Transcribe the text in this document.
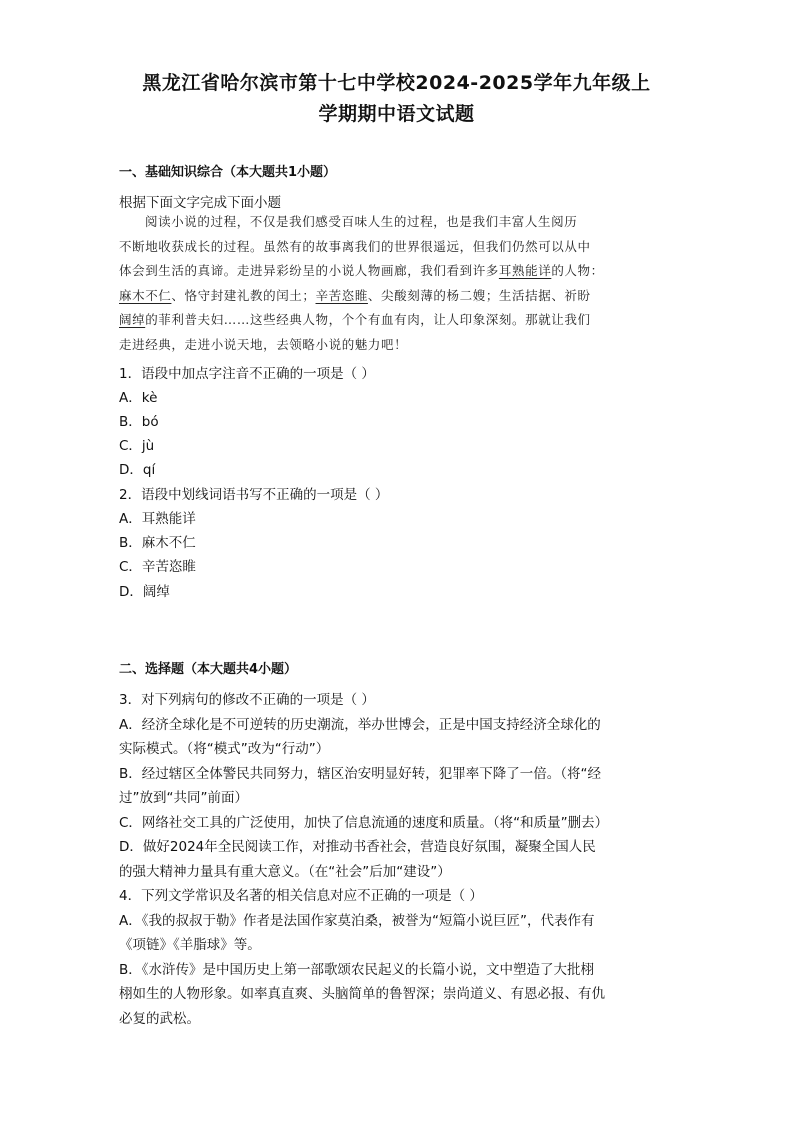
黑龙江省哈尔滨市第十七中学校2024-2025学年九年级上
学期期中语文试题
一、基础知识综合（本大题共1小题）
根据下面文字完成下面小题
阅读小说的过程，不仅是我们感受百味人生的过程，也是我们丰富人生阅历
不断地收获成长的过程。虽然有的故事离我们的世界很遥远，但我们仍然可以从中
体会到生活的真谛。走进异彩纷呈的小说人物画廊，我们看到许多耳熟能详的人物：
麻木不仁、恪守封建礼教的闰土；辛苦恣睢、尖酸刻薄的杨二嫂；生活拮据、祈盼
阔绰的菲利普夫妇……这些经典人物，个个有血有肉，让人印象深刻。那就让我们
走进经典，走进小说天地，去领略小说的魅力吧！
1．语段中加点字注音不正确的一项是（ ）
A．kè
B．bó
C．jù
D．qí
2．语段中划线词语书写不正确的一项是（ ）
A．耳熟能详
B．麻木不仁
C．辛苦恣睢
D．阔绰
二、选择题（本大题共4小题）
3．对下列病句的修改不正确的一项是（ ）
A．经济全球化是不可逆转的历史潮流，举办世博会，正是中国支持经济全球化的
实际模式。（将“模式”改为“行动”）
B．经过辖区全体警民共同努力，辖区治安明显好转，犯罪率下降了一倍。（将“经
过”放到“共同”前面）
C．网络社交工具的广泛使用，加快了信息流通的速度和质量。（将“和质量”删去）
D．做好2024年全民阅读工作，对推动书香社会，营造良好氛围，凝聚全国人民
的强大精神力量具有重大意义。（在“社会”后加“建设”）
4．下列文学常识及名著的相关信息对应不正确的一项是（ ）
A．《我的叔叔于勒》作者是法国作家莫泊桑，被誉为“短篇小说巨匠”，代表作有
《项链》《羊脂球》等。
B．《水浒传》是中国历史上第一部歌颂农民起义的长篇小说，文中塑造了大批栩
栩如生的人物形象。如率真直爽、头脑简单的鲁智深；崇尚道义、有恩必报、有仇
必复的武松。
